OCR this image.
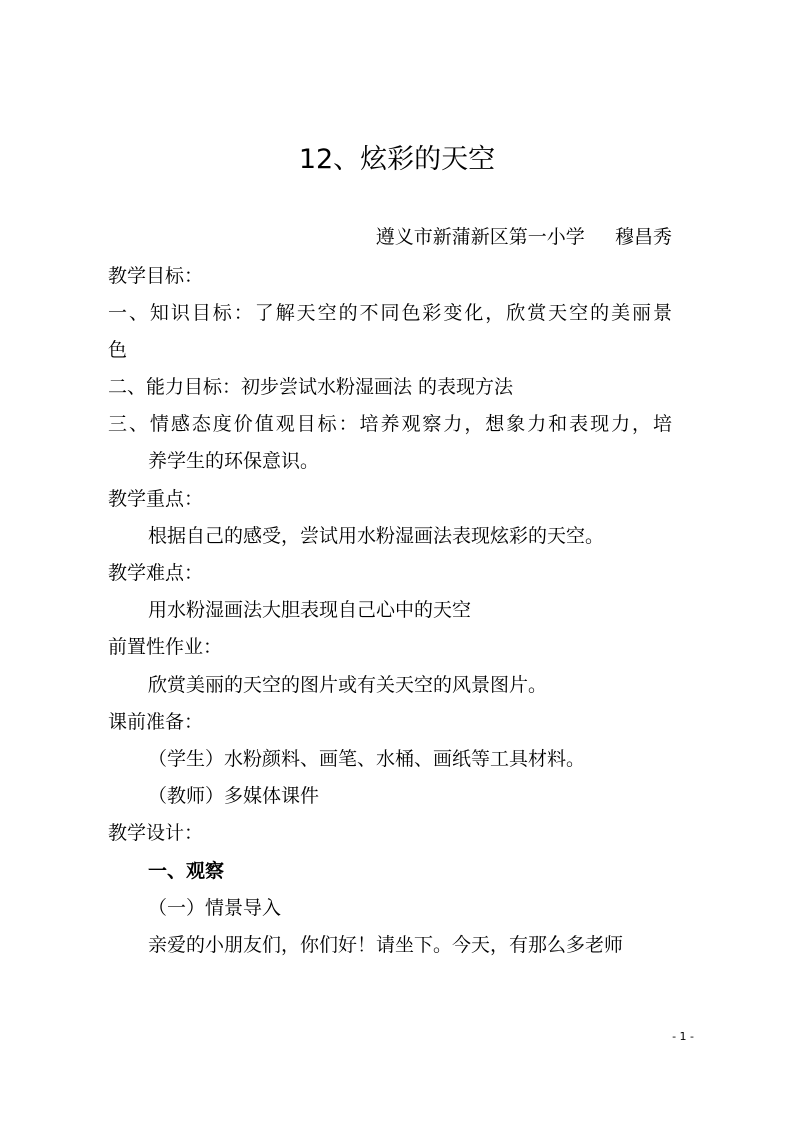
12、炫彩的天空
遵义市新蒲新区第一小学     穆昌秀
教学目标：
一、知识目标：了解天空的不同色彩变化，欣赏天空的美丽景
色
二、能力目标：初步尝试水粉湿画法 的表现方法
三、情感态度价值观目标：培养观察力，想象力和表现力，培
养学生的环保意识。
教学重点：
根据自己的感受，尝试用水粉湿画法表现炫彩的天空。
教学难点：
用水粉湿画法大胆表现自己心中的天空
前置性作业：
欣赏美丽的天空的图片或有关天空的风景图片。
课前准备：
（学生）水粉颜料、画笔、水桶、画纸等工具材料。
（教师）多媒体课件
教学设计：
一、观察
（一）情景导入
亲爱的小朋友们，你们好！请坐下。今天，有那么多老师
- 1 -
